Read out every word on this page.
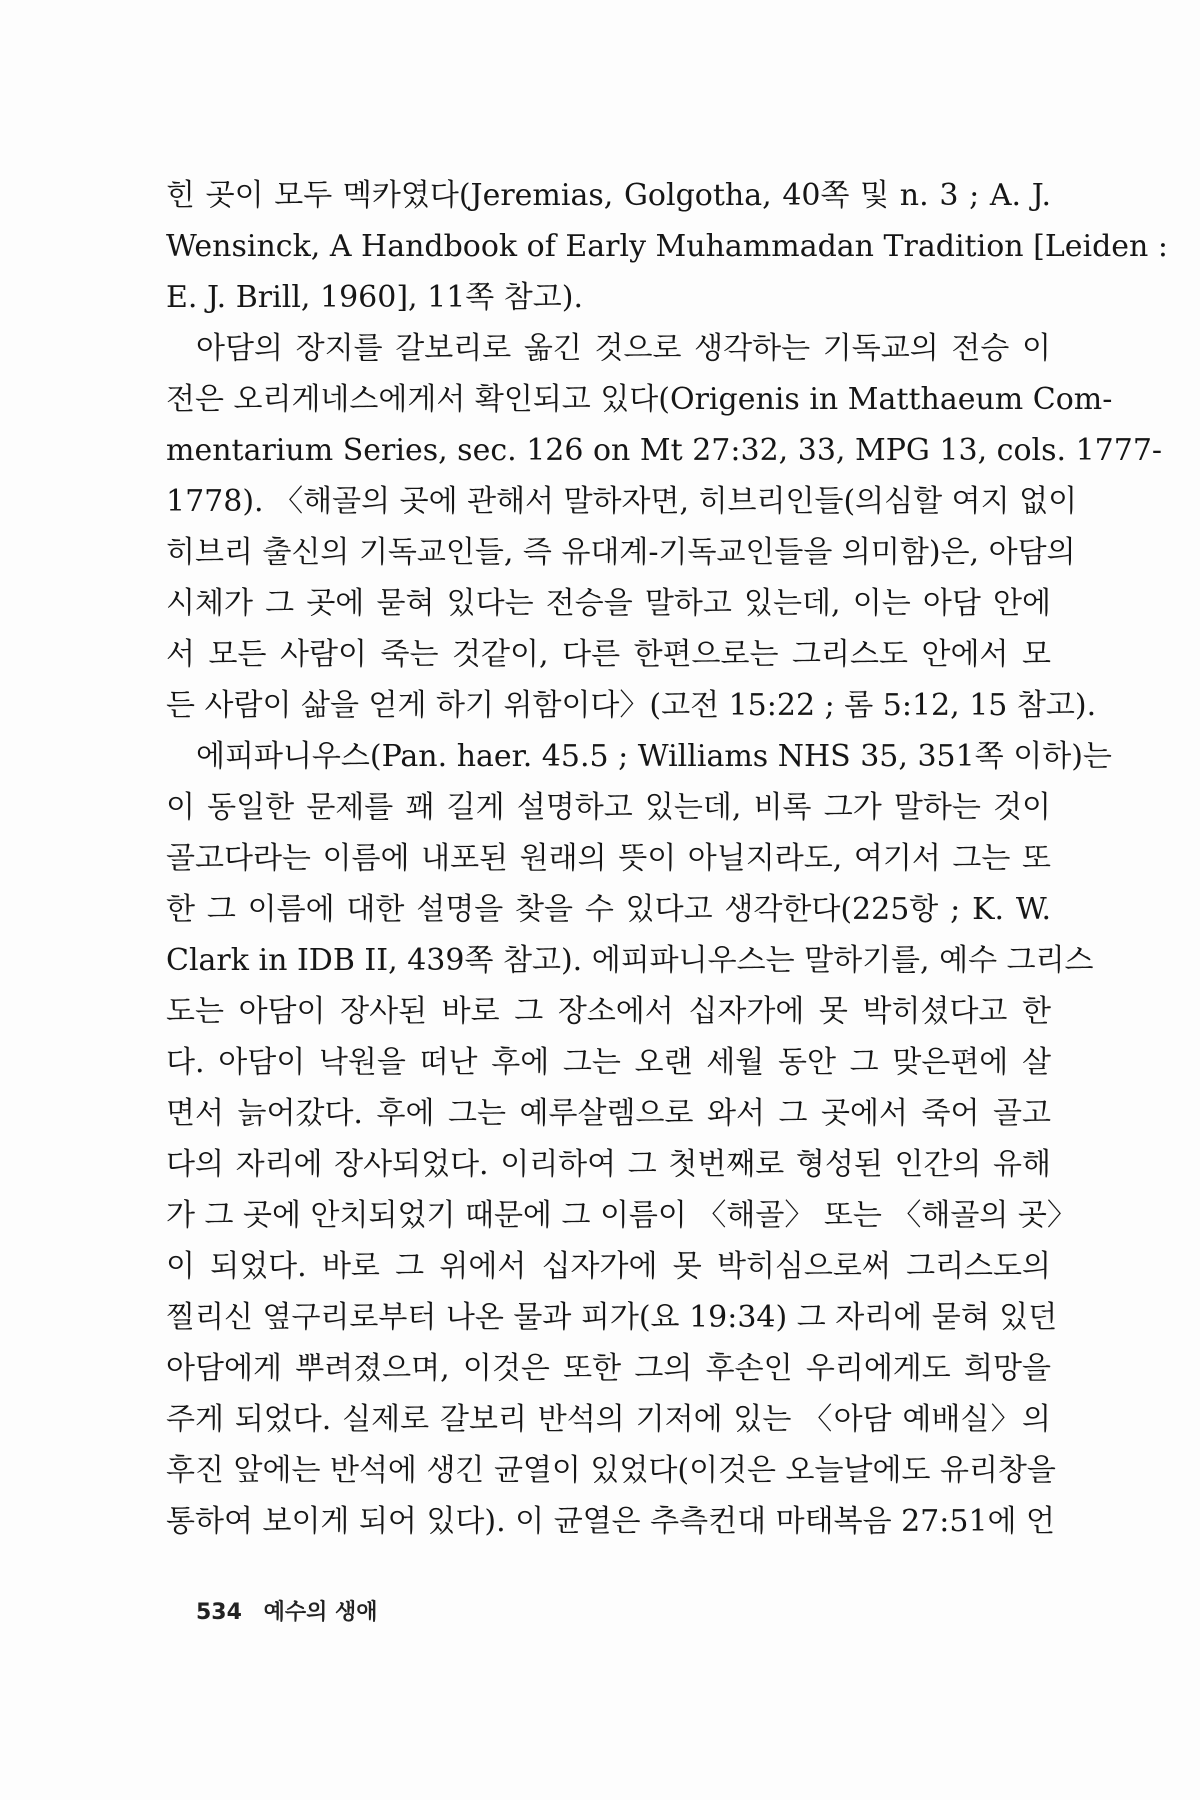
힌 곳이 모두 멕카였다(Jeremias, Golgotha, 40쪽 및 n. 3 ; A. J.
Wensinck, A Handbook of Early Muhammadan Tradition [Leiden :
E. J. Brill, 1960], 11쪽 참고).
아담의 장지를 갈보리로 옮긴 것으로 생각하는 기독교의 전승 이
전은 오리게네스에게서 확인되고 있다(Origenis in Matthaeum Com-
mentarium Series, sec. 126 on Mt 27:32, 33, MPG 13, cols. 1777-
1778). 〈해골의 곳에 관해서 말하자면, 히브리인들(의심할 여지 없이
히브리 출신의 기독교인들, 즉 유대계-기독교인들을 의미함)은, 아담의
시체가 그 곳에 묻혀 있다는 전승을 말하고 있는데, 이는 아담 안에
서 모든 사람이 죽는 것같이, 다른 한편으로는 그리스도 안에서 모
든 사람이 삶을 얻게 하기 위함이다〉(고전 15:22 ; 롬 5:12, 15 참고).
에피파니우스(Pan. haer. 45.5 ; Williams NHS 35, 351쪽 이하)는
이 동일한 문제를 꽤 길게 설명하고 있는데, 비록 그가 말하는 것이
골고다라는 이름에 내포된 원래의 뜻이 아닐지라도, 여기서 그는 또
한 그 이름에 대한 설명을 찾을 수 있다고 생각한다(225항 ; K. W.
Clark in IDB II, 439쪽 참고). 에피파니우스는 말하기를, 예수 그리스
도는 아담이 장사된 바로 그 장소에서 십자가에 못 박히셨다고 한
다. 아담이 낙원을 떠난 후에 그는 오랜 세월 동안 그 맞은편에 살
면서 늙어갔다. 후에 그는 예루살렘으로 와서 그 곳에서 죽어 골고
다의 자리에 장사되었다. 이리하여 그 첫번째로 형성된 인간의 유해
가 그 곳에 안치되었기 때문에 그 이름이 〈해골〉 또는 〈해골의 곳〉
이 되었다. 바로 그 위에서 십자가에 못 박히심으로써 그리스도의
찔리신 옆구리로부터 나온 물과 피가(요 19:34) 그 자리에 묻혀 있던
아담에게 뿌려졌으며, 이것은 또한 그의 후손인 우리에게도 희망을
주게 되었다. 실제로 갈보리 반석의 기저에 있는 〈아담 예배실〉의
후진 앞에는 반석에 생긴 균열이 있었다(이것은 오늘날에도 유리창을
통하여 보이게 되어 있다). 이 균열은 추측컨대 마태복음 27:51에 언
534 예수의 생애
